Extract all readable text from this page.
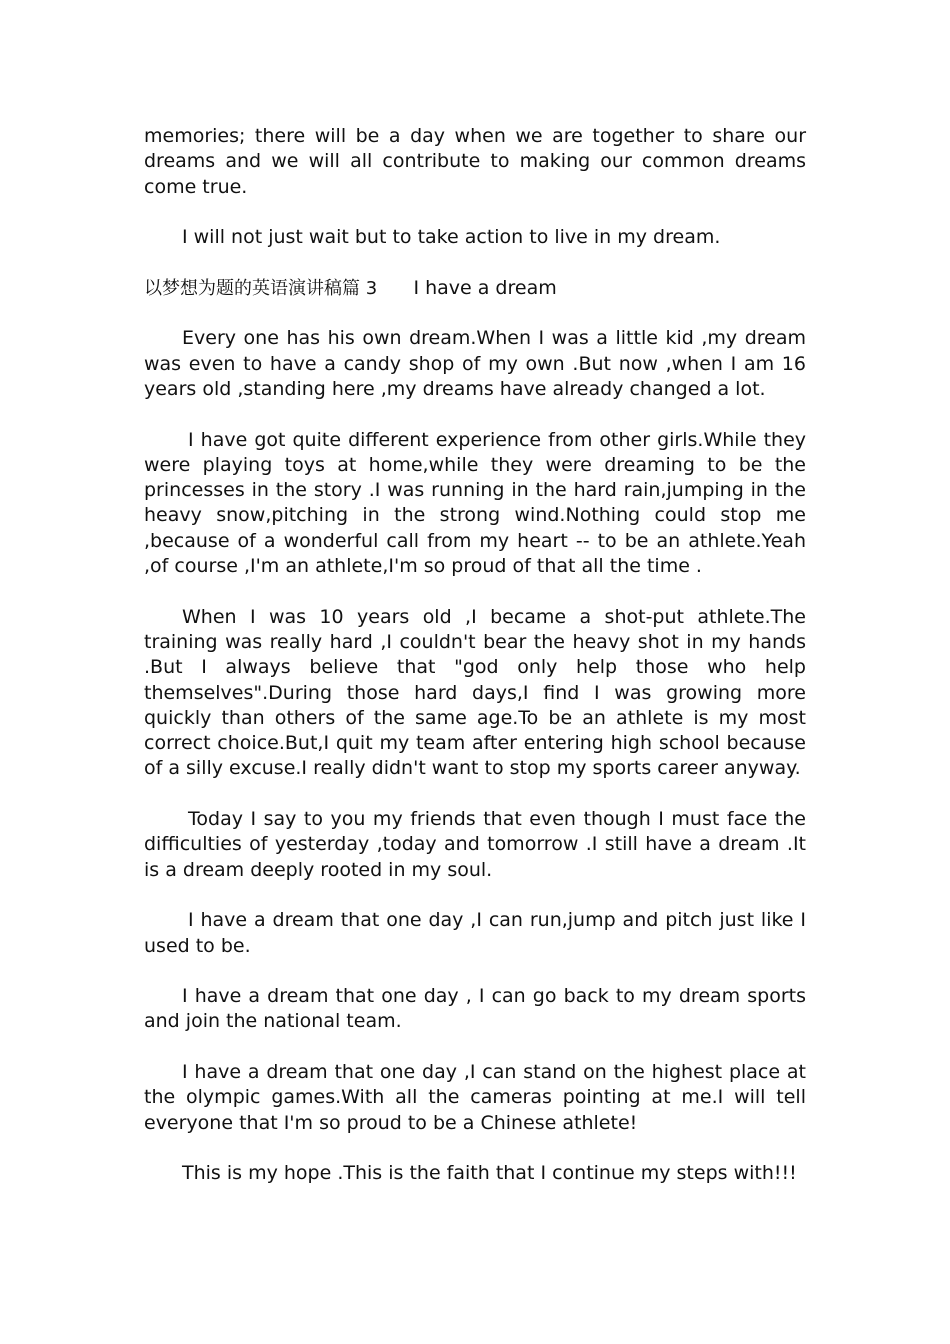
memories; there will be a day when we are together to share our dreams and we will all contribute to making our common dreams come true.

I will not just wait but to take action to live in my dream.

以梦想为题的英语演讲稿篇 3 I have a dream

Every one has his own dream.When I was a little kid ,my dream was even to have a candy shop of my own .But now ,when I am 16 years old ,standing here ,my dreams have already changed a lot.

I have got quite different experience from other girls.While they were playing toys at home,while they were dreaming to be the princesses in the story .I was running in the hard rain,jumping in the heavy snow,pitching in the strong wind.Nothing could stop me ,because of a wonderful call from my heart -- to be an athlete.Yeah ,of course ,I'm an athlete,I'm so proud of that all the time .

When I was 10 years old ,I became a shot-put athlete.The training was really hard ,I couldn't bear the heavy shot in my hands .But I always believe that "god only help those who help themselves".During those hard days,I find I was growing more quickly than others of the same age.To be an athlete is my most correct choice.But,I quit my team after entering high school because of a silly excuse.I really didn't want to stop my sports career anyway.

Today I say to you my friends that even though I must face the difficulties of yesterday ,today and tomorrow .I still have a dream .It is a dream deeply rooted in my soul.

I have a dream that one day ,I can run,jump and pitch just like I used to be.

I have a dream that one day , I can go back to my dream sports and join the national team.

I have a dream that one day ,I can stand on the highest place at the olympic games.With all the cameras pointing at me.I will tell everyone that I'm so proud to be a Chinese athlete!

This is my hope .This is the faith that I continue my steps with!!!
